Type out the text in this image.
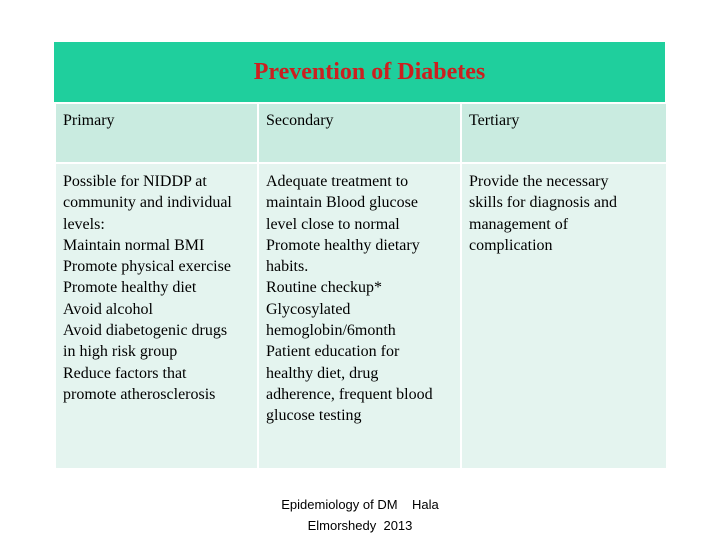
Prevention of Diabetes
Primary	Secondary	Tertiary
Possible for NIDDP at
community and individual
levels:
Maintain normal BMI
Promote physical exercise
Promote healthy diet
Avoid alcohol
Avoid diabetogenic drugs
in high risk group
Reduce factors that
promote atherosclerosis
Adequate treatment to
maintain Blood glucose
level close to normal
Promote healthy dietary
habits.
Routine checkup*
Glycosylated
hemoglobin/6month
Patient education for
healthy diet, drug
adherence, frequent blood
glucose testing
Provide the necessary
skills for diagnosis and
management of
complication
Epidemiology of DM    Hala
Elmorshedy  2013
